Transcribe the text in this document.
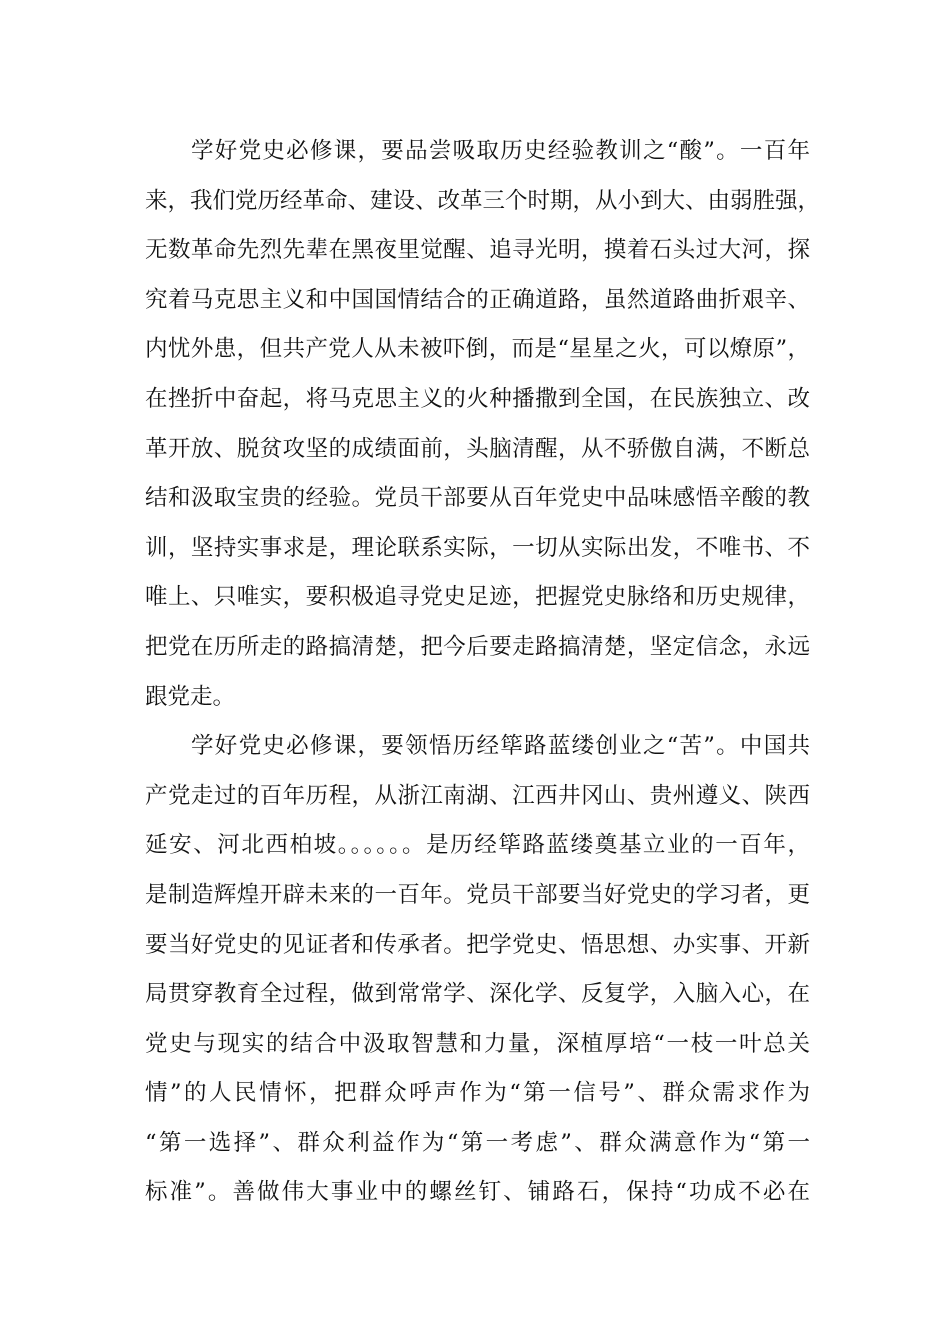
学好党史必修课，要品尝吸取历史经验教训之“酸”。一百年
来，我们党历经革命、建设、改革三个时期，从小到大、由弱胜强，
无数革命先烈先辈在黑夜里觉醒、追寻光明，摸着石头过大河，探
究着马克思主义和中国国情结合的正确道路，虽然道路曲折艰辛、
内忧外患，但共产党人从未被吓倒，而是“星星之火，可以燎原”，
在挫折中奋起，将马克思主义的火种播撒到全国，在民族独立、改
革开放、脱贫攻坚的成绩面前，头脑清醒，从不骄傲自满，不断总
结和汲取宝贵的经验。党员干部要从百年党史中品味感悟辛酸的教
训，坚持实事求是，理论联系实际，一切从实际出发，不唯书、不
唯上、只唯实，要积极追寻党史足迹，把握党史脉络和历史规律，
把党在历所走的路搞清楚，把今后要走路搞清楚，坚定信念，永远
跟党走。
学好党史必修课，要领悟历经筚路蓝缕创业之“苦”。中国共
产党走过的百年历程，从浙江南湖、江西井冈山、贵州遵义、陕西
延安、河北西柏坡。。。。。。是历经筚路蓝缕奠基立业的一百年，
是制造辉煌开辟未来的一百年。党员干部要当好党史的学习者，更
要当好党史的见证者和传承者。把学党史、悟思想、办实事、开新
局贯穿教育全过程，做到常常学、深化学、反复学，入脑入心，在
党史与现实的结合中汲取智慧和力量，深植厚培“一枝一叶总关
情”的人民情怀，把群众呼声作为“第一信号”、群众需求作为
“第一选择”、群众利益作为“第一考虑”、群众满意作为“第一
标准”。善做伟大事业中的螺丝钉、铺路石，保持“功成不必在
